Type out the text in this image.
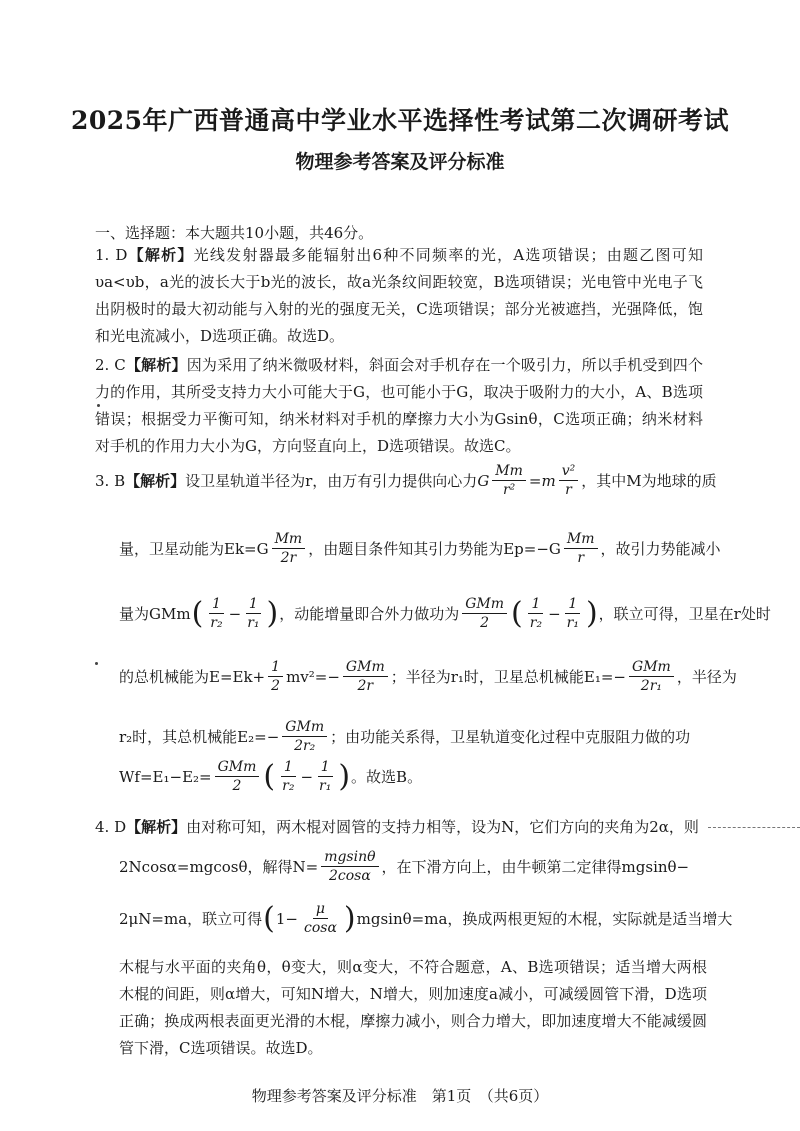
2025年广西普通高中学业水平选择性考试第二次调研考试
物理参考答案及评分标准
一、选择题：本大题共10小题，共46分。
1. D【解析】光线发射器最多能辐射出6种不同频率的光，A选项错误；由题乙图可知υa<υb，a光的波长大于b光的波长，故a光条纹间距较宽，B选项错误；光电管中光电子飞出阴极时的最大初动能与入射的光的强度无关，C选项错误；部分光被遮挡，光强降低，饱和光电流减小，D选项正确。故选D。
2. C【解析】因为采用了纳米微吸材料，斜面会对手机存在一个吸引力，所以手机受到四个力的作用，其所受支持力大小可能大于G，也可能小于G，取决于吸附力的大小，A、B选项错误；根据受力平衡可知，纳米材料对手机的摩擦力大小为Gsinθ，C选项正确；纳米材料对手机的作用力大小为G，方向竖直向上，D选项错误。故选C。
3. B 【解析】 设卫星轨道半径为r，由万有引力提供向心力 G $\frac{Mm}{\text{r²}} =m \frac{\text{v²}}{r}$ ，其中M为地球的质
量，卫星动能为$Ek=G \frac{Mm}{2r}$ ，由题目条件知其引力势能为$Ep=-G \frac{Mm}{r}$ ，故引力势能减小
量为GMm ( $\frac{1}{\text{r₂}} - \frac{1}{\text{r₁}}$ ) ，动能增量即合外力做功为 $\frac{\text{GMm}}{2}$ ( $\frac{1}{\text{r₂}} - \frac{1}{\text{r₁}}$ ) ，联立可得，卫星在r处时
的总机械能为$E=Ek+ \frac{1}{2} mv^2=- \frac{\text{GMm}}{2r}$ ；半径为r₁时，卫星总机械能$E_1=- \frac{\text{GMm}}{\text{2r₁}}$ ，半径为
r₂时，其总机械能$E_2=- \frac{\text{GMm}}{\text{2r₂}}$ ；由功能关系得，卫星轨道变化过程中克服阻力做的功
$Wf=E_1-E_2= \frac{\text{GMm}}{2}$ ( $\frac{1}{\text{r₂}} - \frac{1}{\text{r₁}}$ ) 。故选B。
4. D 【解析】 由对称可知，两木棍对圆管的支持力相等，设为N，它们方向的夹角为2α，则
2Ncosα=mgcosθ，解得$N= \frac{mgsin\theta}{2\cos\alpha}$ ，在下滑方向上，由牛顿第二定律得mgsinθ−
2μN=ma，联立可得 ( $1- \frac{\mu}{\cos\alpha}$ ) mgsinθ=ma，换成两根更短的木棍，实际就是适当增大
木棍与水平面的夹角θ，θ变大，则α变大，不符合题意，A、B选项错误；适当增大两根木棍的间距，则α增大，可知N增大，N增大，则加速度a减小，可减缓圆管下滑，D选项正确；换成两根表面更光滑的木棍，摩擦力减小，则合力增大，即加速度增大不能减缓圆管下滑，C选项错误。故选D。
物理参考答案及评分标准　第1页　（共6页）
